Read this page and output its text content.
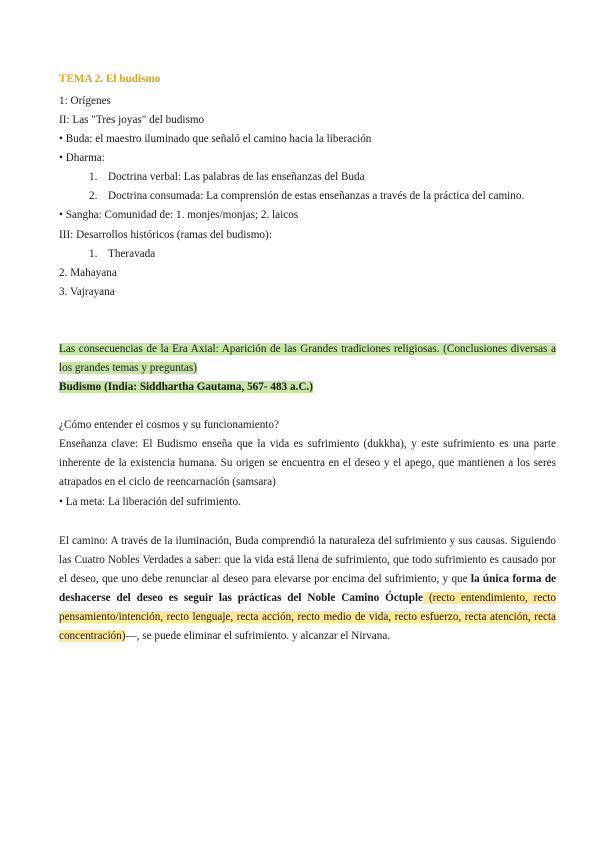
TEMA 2. El budismo
1: Orígenes
II: Las "Tres joyas" del budismo
• Buda: el maestro iluminado que señaló el camino hacia la liberación
• Dharma:
1. Doctrina verbal: Las palabras de las enseñanzas del Buda
2. Doctrina consumada: La comprensión de estas enseñanzas a través de la práctica del camino.
• Sangha: Comunidad de: 1. monjes/monjas; 2. laicos
III: Desarrollos históricos (ramas del budismo):
1. Theravada
2. Mahayana
3. Vajrayana
Las consecuencias de la Era Axial: Aparición de las Grandes tradiciones religiosas. (Conclusiones diversas a
los grandes temas y preguntas)
Budismo (India: Siddhartha Gautama, 567- 483 a.C.)
¿Cómo entender el cosmos y su funcionamiento?
Enseñanza clave: El Budismo enseña que la vida es sufrimiento (dukkha), y este sufrimiento es una parte
inherente de la existencia humana. Su origen se encuentra en el deseo y el apego, que mantienen a los seres
atrapados en el ciclo de reencarnación (samsara)
• La meta: La liberación del sufrimiento.
El camino: A través de la iluminación, Buda comprendió la naturaleza del sufrimiento y sus causas. Siguiendo
las Cuatro Nobles Verdades a saber: que la vida está llena de sufrimiento, que todo sufrimiento es causado por
el deseo, que uno debe renunciar al deseo para elevarse por encima del sufrimiento, y que la única forma de
deshacerse del deseo es seguir las prácticas del Noble Camino Óctuple (recto entendimiento, recto
pensamiento/intención, recto lenguaje, recta acción, recto medio de vida, recto esfuerzo, recta atención, recta
concentración)—, se puede eliminar el sufrimiento. y alcanzar el Nirvana.
